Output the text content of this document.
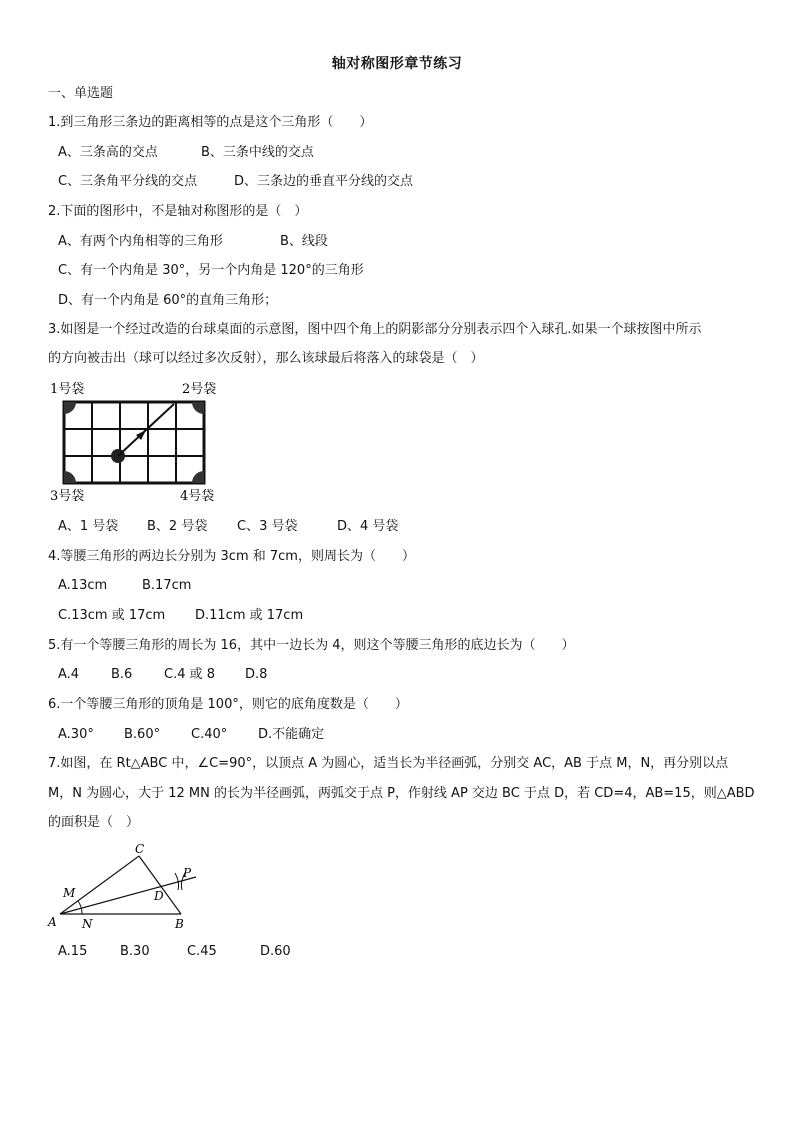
轴对称图形章节练习
一、单选题
1.到三角形三条边的距离相等的点是这个三角形（　　）
A、三条高的交点	B、三条中线的交点
C、三条角平分线的交点	D、三条边的垂直平分线的交点
2.下面的图形中，不是轴对称图形的是（　）
A、有两个内角相等的三角形	B、线段
C、有一个内角是 30°，另一个内角是 120°的三角形
D、有一个内角是 60°的直角三角形；
3.如图是一个经过改造的台球桌面的示意图，图中四个角上的阴影部分分别表示四个入球孔.如果一个球按图中所示
的方向被击出（球可以经过多次反射），那么该球最后将落入的球袋是（　）
1号袋	2号袋
3号袋	4号袋
A、1 号袋 B、2 号袋 C、3 号袋	D、4 号袋
4.等腰三角形的两边长分别为 3cm 和 7cm，则周长为（　　）
A.13cm	B.17cm
C.13cm 或 17cm D.11cm 或 17cm
5.有一个等腰三角形的周长为 16，其中一边长为 4，则这个等腰三角形的底边长为（　　）
A.4 B.6 C.4 或 8 D.8
6.一个等腰三角形的顶角是 100°，则它的底角度数是（　　）
A.30° B.60° C.40° D.不能确定
7.如图，在 Rt△ABC 中，∠C=90°，以顶点 A 为圆心，适当长为半径画弧，分别交 AC，AB 于点 M，N，再分别以点
M，N 为圆心，大于 12 MN 的长为半径画弧，两弧交于点 P，作射线 AP 交边 BC 于点 D，若 CD=4，AB=15，则△ABD
的面积是（　）
C
P
M	D
A N	B
A.15	B.30	C.45	D.60
